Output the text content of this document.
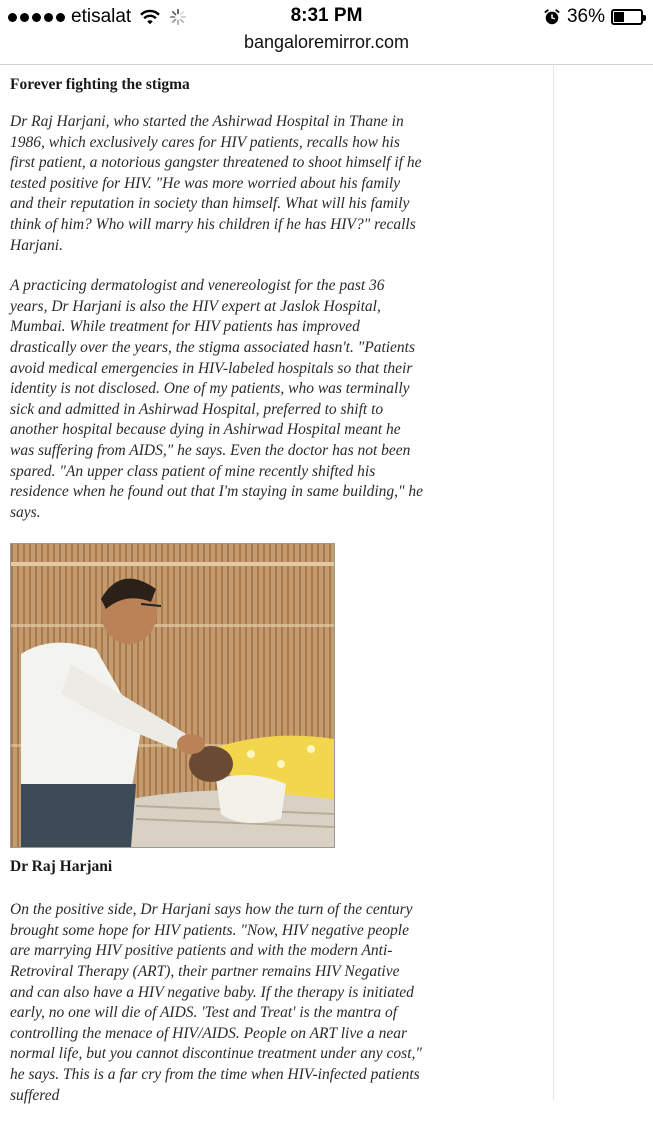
etisalat	8:31 PM	36%
bangaloremirror.com
Forever fighting the stigma

Dr Raj Harjani, who started the Ashirwad Hospital in Thane in 1986, which exclusively cares for HIV patients, recalls how his first patient, a notorious gangster threatened to shoot himself if he tested positive for HIV. "He was more worried about his family and their reputation in society than himself. What will his family think of him? Who will marry his children if he has HIV?" recalls Harjani.

A practicing dermatologist and venereologist for the past 36 years, Dr Harjani is also the HIV expert at Jaslok Hospital, Mumbai. While treatment for HIV patients has improved drastically over the years, the stigma associated hasn't. "Patients avoid medical emergencies in HIV-labeled hospitals so that their identity is not disclosed. One of my patients, who was terminally sick and admitted in Ashirwad Hospital, preferred to shift to another hospital because dying in Ashirwad Hospital meant he was suffering from AIDS," he says. Even the doctor has not been spared. "An upper class patient of mine recently shifted his residence when he found out that I'm staying in same building," he says.

Dr Raj Harjani

On the positive side, Dr Harjani says how the turn of the century brought some hope for HIV patients. "Now, HIV negative people are marrying HIV positive patients and with the modern Anti-Retroviral Therapy (ART), their partner remains HIV Negative and can also have a HIV negative baby. If the therapy is initiated early, no one will die of AIDS. 'Test and Treat' is the mantra of controlling the menace of HIV/AIDS. People on ART live a near normal life, but you cannot discontinue treatment under any cost," he says. This is a far cry from the time when HIV-infected patients suffered
